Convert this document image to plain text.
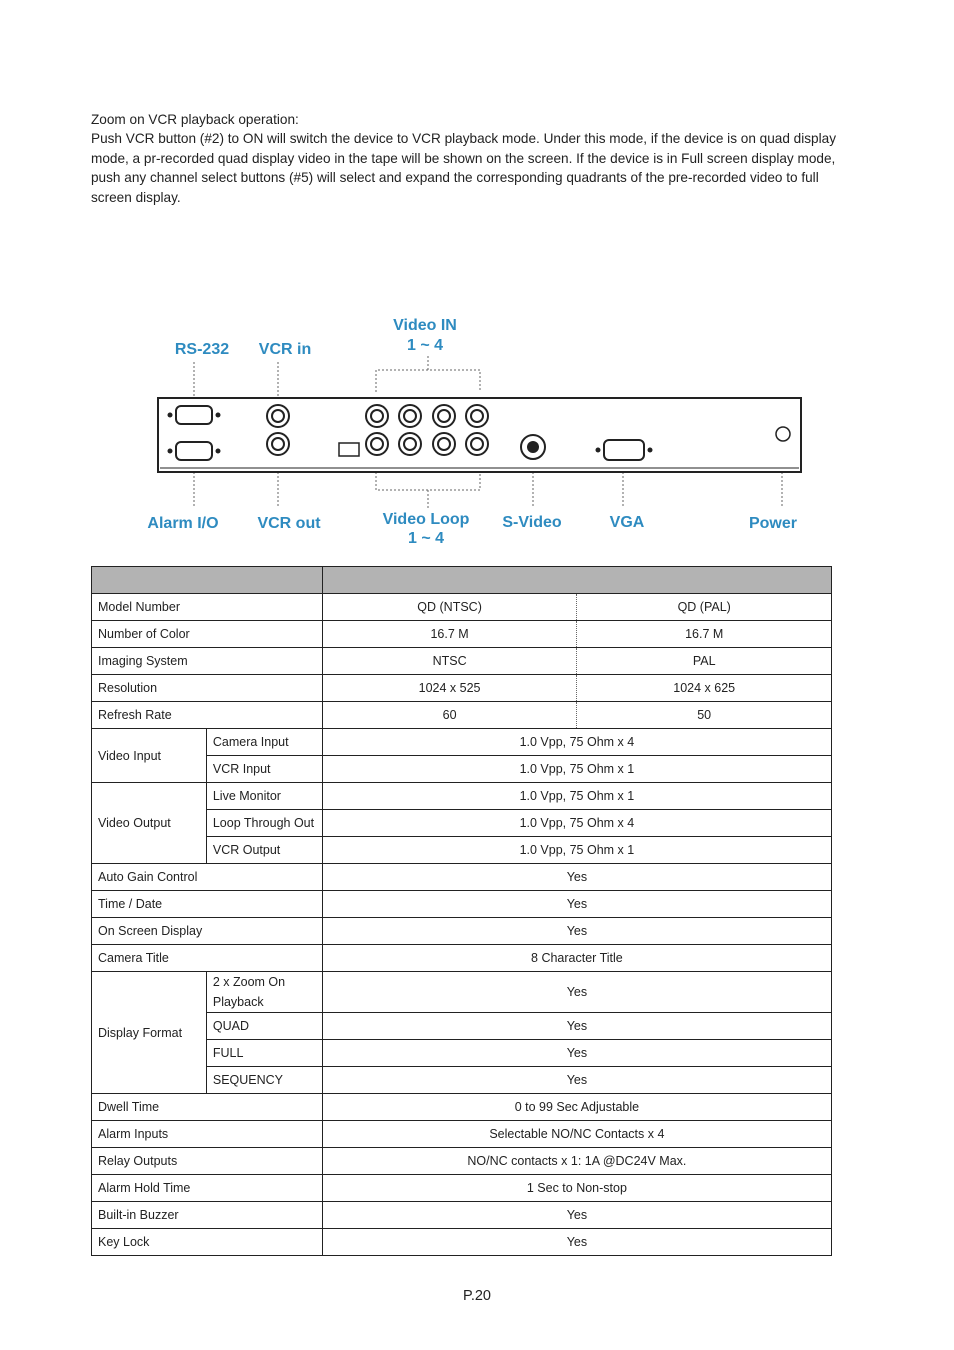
Zoom on VCR playback operation:

Push VCR button (#2) to ON will switch the device to VCR playback mode. Under this mode, if the device is on quad display mode, a pr-recorded quad display video in the tape will be shown on the screen. If the device is in Full screen display mode, push any channel select buttons (#5) will select and expand the corresponding quadrants of the pre-recorded video to full screen display.

RS-232	VCR in
Video IN
1 ~ 4
Alarm I/O	VCR out	Video Loop
1 ~ 4
S-Video	VGA	Power

Model Number		QD (NTSC)	QD (PAL)
Number of Color		16.7 M	16.7 M
Imaging System		NTSC	PAL
Resolution		1024 x 525	1024 x 625
Refresh Rate		60	50
Video Input	Camera Input	1.0 Vpp, 75 Ohm x 4	
	VCR Input	1.0 Vpp, 75 Ohm x 1	
Video Output	Live Monitor	1.0 Vpp, 75 Ohm x 1	
	Loop Through Out	1.0 Vpp, 75 Ohm x 4	
	VCR Output	1.0 Vpp, 75 Ohm x 1	
Auto Gain Control		Yes	
Time / Date		Yes	
On Screen Display		Yes	
Camera Title		8 Character Title	
Display Format	2 x Zoom On Playback	Yes	
	QUAD	Yes	
	FULL	Yes	
	SEQUENCY	Yes	
Dwell Time		0 to 99 Sec Adjustable	
Alarm Inputs		Selectable NO/NC Contacts x 4	
Relay Outputs		NO/NC contacts x 1: 1A @DC24V Max.	
Alarm Hold Time		1 Sec to Non-stop	
Built-in Buzzer		Yes	
Key Lock		Yes	
P.20
